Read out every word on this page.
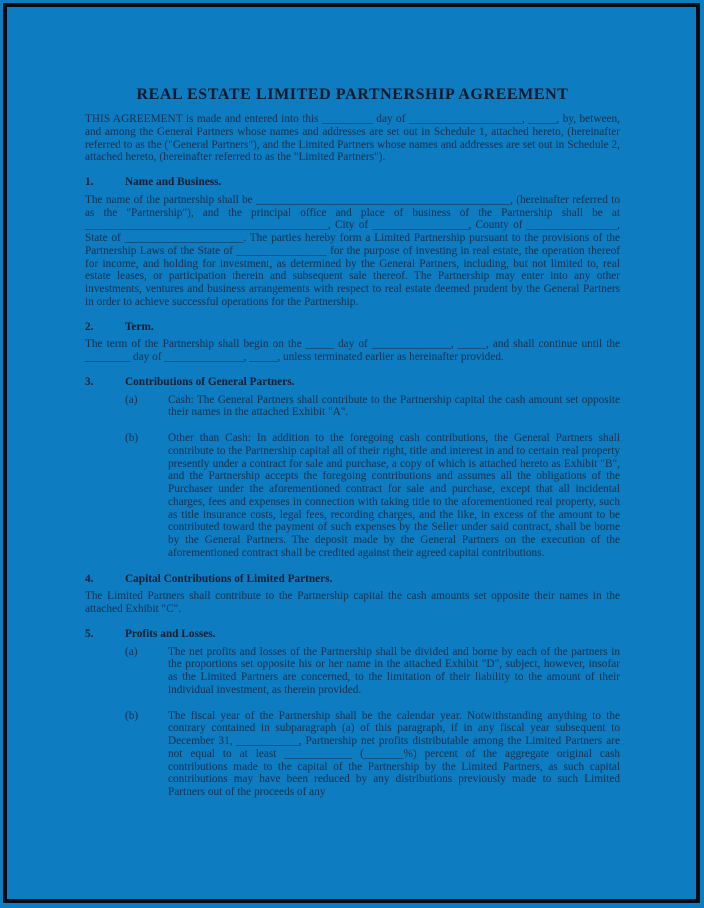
REAL ESTATE LIMITED PARTNERSHIP AGREEMENT

THIS AGREEMENT is made and entered into this _________ day of ____________________, _____, by, between, and among the General Partners whose names and addresses are set out in Schedule 1, attached hereto, (hereinafter referred to as the ("General Partners"), and the Limited Partners whose names and addresses are set out in Schedule 2, attached hereto, (hereinafter referred to as the "Limited Partners").

1.	Name and Business.

The name of the partnership shall be _____________________________________________, (hereinafter referred to as the "Partnership"), and the principal office and place of business of the Partnership shall be at ___________________________________________, City of _________________, County of ________________, State of _____________________. The parties hereby form a Limited Partnership pursuant to the provisions of the Partnership Laws of the State of ________________ for the purpose of investing in real estate, the operation thereof for income, and holding for investment, as determined by the General Partners, including, but not limited to, real estate leases, or participation therein and subsequent sale thereof. The Partnership may enter into any other investments, ventures and business arrangements with respect to real estate deemed prudent by the General Partners in order to achieve successful operations for the Partnership.

2.	Term.

The term of the Partnership shall begin on the _____ day of ______________, _____, and shall continue until the ________ day of ______________, _____, unless terminated earlier as hereinafter provided.

3.	Contributions of General Partners.
(a)	Cash: The General Partners shall contribute to the Partnership capital the cash amount set opposite their names in the attached Exhibit "A".
(b)	Other than Cash: In addition to the foregoing cash contributions, the General Partners shall contribute to the Partnership capital all of their right, title and interest in and to certain real property presently under a contract for sale and purchase, a copy of which is attached hereto as Exhibit "B", and the Partnership accepts the foregoing contributions and assumes all the obligations of the Purchaser under the aforementioned contract for sale and purchase, except that all incidental charges, fees and expenses in connection with taking title to the aforementioned real property, such as title insurance costs, legal fees, recording charges, and the like, in excess of the amount to be contributed toward the payment of such expenses by the Seller under said contract, shall be borne by the General Partners. The deposit made by the General Partners on the execution of the aforementioned contract shall be credited against their agreed capital contributions.
4.	Capital Contributions of Limited Partners.

The Limited Partners shall contribute to the Partnership capital the cash amounts set opposite their names in the attached Exhibit "C".

5.	Profits and Losses.
(a)	The net profits and losses of the Partnership shall be divided and borne by each of the partners in the proportions set opposite his or her name in the attached Exhibit "D", subject, however, insofar as the Limited Partners are concerned, to the limitation of their liability to the amount of their individual investment, as therein provided.
(b)	The fiscal year of the Partnership shall be the calendar year. Notwithstanding anything to the contrary contained in subparagraph (a) of this paragraph, if in any fiscal year subsequent to December 31, ___________, Partnership net profits distributable among the Limited Partners are not equal to at least ____________ (_______%) percent of the aggregate original cash contributions made to the capital of the Partnership by the Limited Partners, as such capital contributions may have been reduced by any distributions previously made to such Limited Partners out of the proceeds of any
